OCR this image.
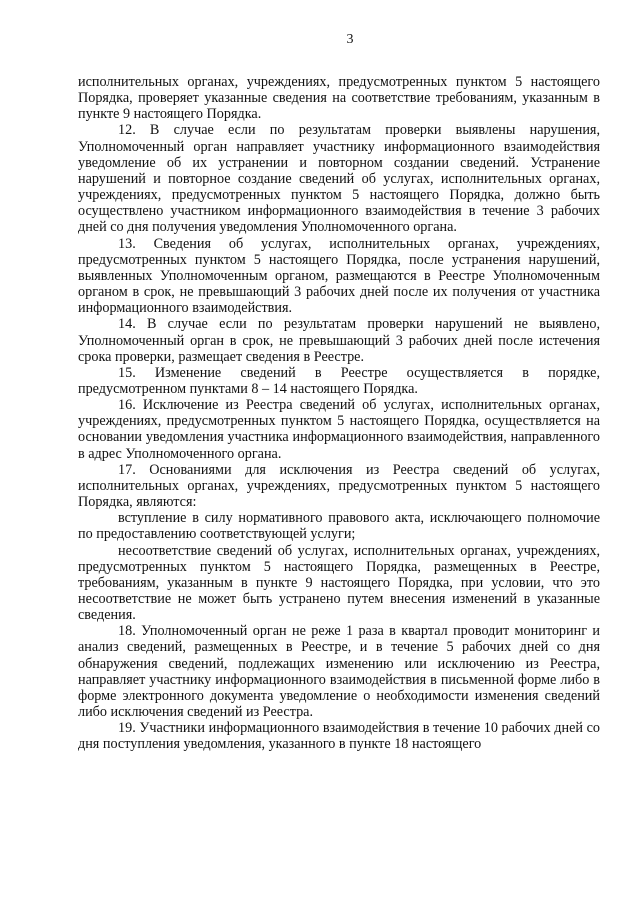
3

исполнительных органах, учреждениях, предусмотренных пунктом 5 настоящего Порядка, проверяет указанные сведения на соответствие требованиям, указанным в пункте 9 настоящего Порядка.

12. В случае если по результатам проверки выявлены нарушения, Уполномоченный орган направляет участнику информационного взаимодействия уведомление об их устранении и повторном создании сведений. Устранение нарушений и повторное создание сведений об услугах, исполнительных органах, учреждениях, предусмотренных пунктом 5 настоящего Порядка, должно быть осуществлено участником информационного взаимодействия в течение 3 рабочих дней со дня получения уведомления Уполномоченного органа.

13. Сведения об услугах, исполнительных органах, учреждениях, предусмотренных пунктом 5 настоящего Порядка, после устранения нарушений, выявленных Уполномоченным органом, размещаются в Реестре Уполномоченным органом в срок, не превышающий 3 рабочих дней после их получения от участника информационного взаимодействия.

14. В случае если по результатам проверки нарушений не выявлено, Уполномоченный орган в срок, не превышающий 3 рабочих дней после истечения срока проверки, размещает сведения в Реестре.

15. Изменение сведений в Реестре осуществляется в порядке, предусмотренном пунктами 8 – 14 настоящего Порядка.

16. Исключение из Реестра сведений об услугах, исполнительных органах, учреждениях, предусмотренных пунктом 5 настоящего Порядка, осуществляется на основании уведомления участника информационного взаимодействия, направленного в адрес Уполномоченного органа.

17. Основаниями для исключения из Реестра сведений об услугах, исполнительных органах, учреждениях, предусмотренных пунктом 5 настоящего Порядка, являются:

вступление в силу нормативного правового акта, исключающего полномочие по предоставлению соответствующей услуги;

несоответствие сведений об услугах, исполнительных органах, учреждениях, предусмотренных пунктом 5 настоящего Порядка, размещенных в Реестре, требованиям, указанным в пункте 9 настоящего Порядка, при условии, что это несоответствие не может быть устранено путем внесения изменений в указанные сведения.

18. Уполномоченный орган не реже 1 раза в квартал проводит мониторинг и анализ сведений, размещенных в Реестре, и в течение 5 рабочих дней со дня обнаружения сведений, подлежащих изменению или исключению из Реестра, направляет участнику информационного взаимодействия в письменной форме либо в форме электронного документа уведомление о необходимости изменения сведений либо исключения сведений из Реестра.

19. Участники информационного взаимодействия в течение 10 рабочих дней со дня поступления уведомления, указанного в пункте 18 настоящего
